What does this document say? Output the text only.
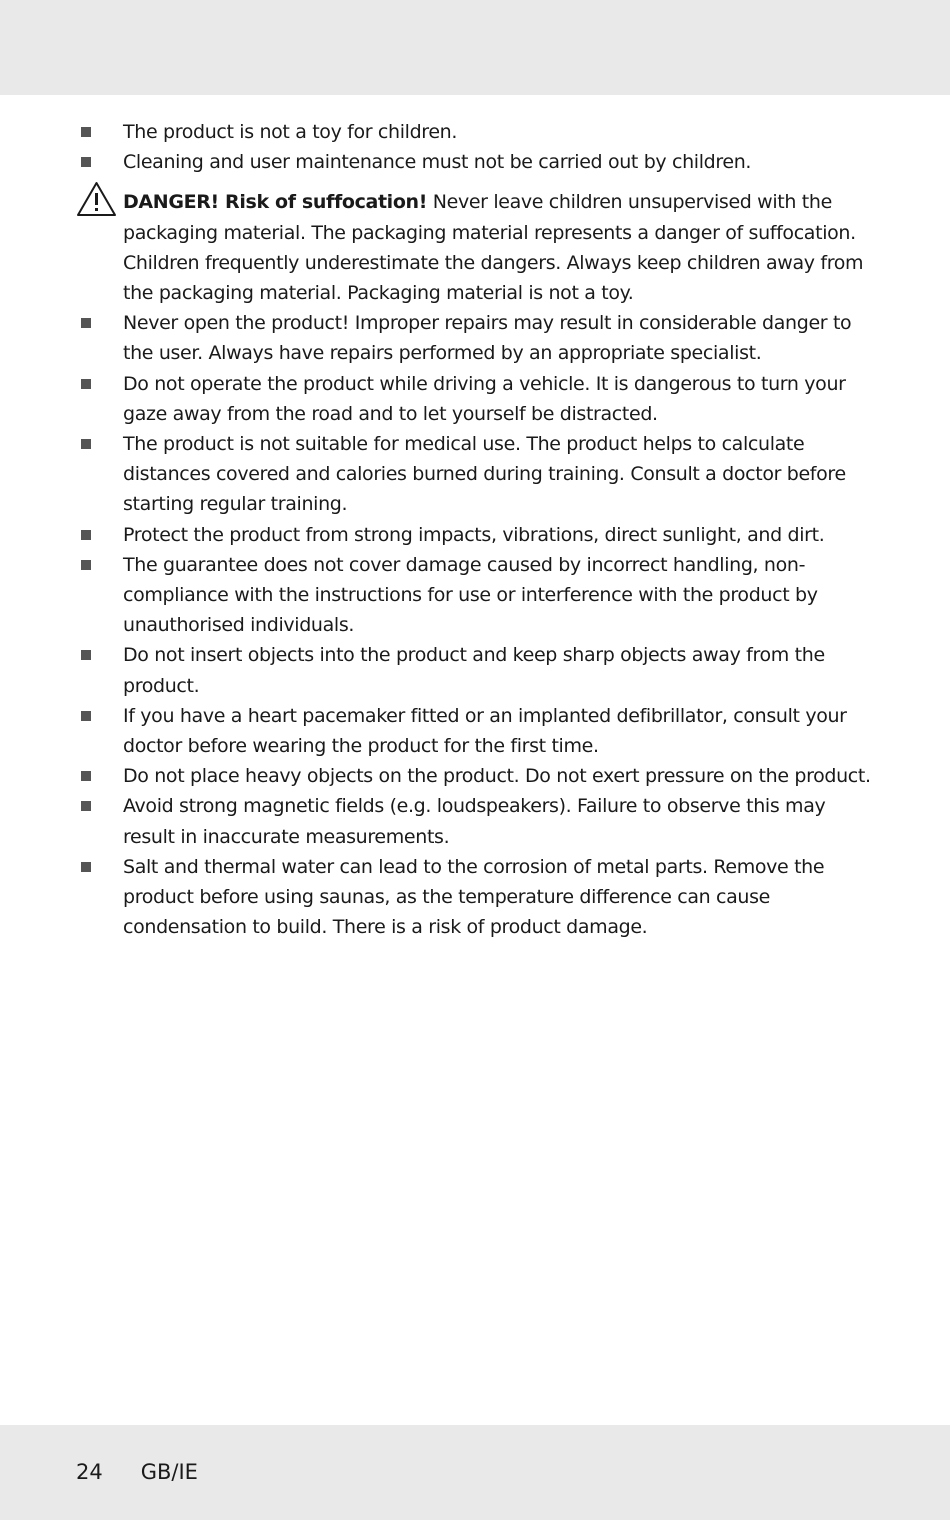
The product is not a toy for children.
Cleaning and user maintenance must not be carried out by children.
DANGER! Risk of suffocation! Never leave children unsupervised with the packaging material. The packaging material represents a danger of suffocation. Children frequently underestimate the dangers. Always keep children away from the packaging material. Packaging material is not a toy.
Never open the product! Improper repairs may result in considerable danger to the user. Always have repairs performed by an appropriate specialist.
Do not operate the product while driving a vehicle. It is dangerous to turn your gaze away from the road and to let yourself be distracted.
The product is not suitable for medical use. The product helps to calculate distances covered and calories burned during training. Consult a doctor before starting regular training.
Protect the product from strong impacts, vibrations, direct sunlight, and dirt.
The guarantee does not cover damage caused by incorrect handling, non-compliance with the instructions for use or interference with the product by unauthorised individuals.
Do not insert objects into the product and keep sharp objects away from the product.
If you have a heart pacemaker fitted or an implanted defibrillator, consult your doctor before wearing the product for the first time.
Do not place heavy objects on the product. Do not exert pressure on the product.
Avoid strong magnetic fields (e.g. loudspeakers). Failure to observe this may result in inaccurate measurements.
Salt and thermal water can lead to the corrosion of metal parts. Remove the product before using saunas, as the temperature difference can cause condensation to build. There is a risk of product damage.
24 GB/IE
